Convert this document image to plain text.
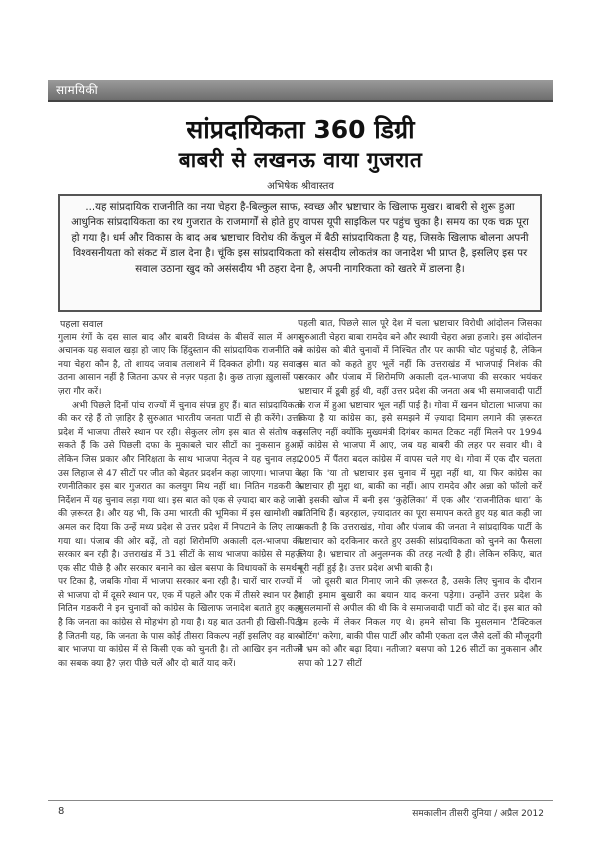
सामयिकी
सांप्रदायिकता 360 डिग्री
बाबरी से लखनऊ वाया गुजरात
अभिषेक श्रीवास्तव

...यह सांप्रदायिक राजनीति का नया चेहरा है-बिल्कुल साफ, स्वच्छ और भ्रष्टाचार के खिलाफ मुखर। बाबरी से शुरू हुआ आधुनिक सांप्रदायिकता का रथ गुजरात के राजमार्गों से होते हुए वापस यूपी साइकिल पर पहुंच चुका है। समय का एक चक्र पूरा हो गया है। धर्म और विकास के बाद अब भ्रष्टाचार विरोध की केंचुल में बैठी सांप्रदायिकता है यह, जिसके खिलाफ बोलना अपनी विश्वसनीयता को संकट में डाल देना है। चूंकि इस सांप्रदायिकता को संसदीय लोकतंत्र का जनादेश भी प्राप्त है, इसलिए इस पर सवाल उठाना खुद को असंसदीय भी ठहरा देना है, अपनी नागरिकता को खतरे में डालना है।

पहला सवाल

गुलाम रंगों के दस साल बाद और बाबरी विध्वंस के बीसवें साल में अगर अचानक यह सवाल खड़ा हो जाए कि हिंदुस्तान की सांप्रदायिक राजनीति का नया चेहरा कौन है, तो शायद जवाब तलाशने में दिक्कत होगी। यह सवाल उतना आसान नहीं है जितना ऊपर से नज़र पड़ता है। कुछ ताज़ा ख़ुलासों पर ज़रा गौर करें।

अभी पिछले दिनों पांच राज्यों में चुनाव संपन्न हुए हैं। बात सांप्रदायिकता की कर रहे हैं तो ज़ाहिर है सुरुआत भारतीय जनता पार्टी से ही करेंगे। उत्तर प्रदेश में भाजपा तीसरे स्थान पर रही। सेकुलर लोग इस बात से संतोष कर सकते हैं कि उसे पिछली दफा के मुकाबले चार सीटों का नुकसान हुआ, लेकिन जिस प्रकार और निरिक्षता के साथ भाजपा नेतृत्व ने यह चुनाव लड़ा, उस लिहाज से 47 सीटों पर जीत को बेहतर प्रदर्शन कहा जाएगा। भाजपा के रणनीतिकार इस बार गुजरात का कलयुग मिथ नहीं था। नितिन गडकरी के निर्देशन में यह चुनाव लड़ा गया था। इस बात को एक से ज़्यादा बार कहे जाने की ज़रूरत है। और यह भी, कि उमा भारती की भूमिका में इस खामोशी का अमल कर दिया कि उन्हें मध्य प्रदेश से उत्तर प्रदेश में निपटाने के लिए लाया गया था। पंजाब की ओर बढ़ें, तो वहां शिरोमणि अकाली दल-भाजपा की सरकार बन रही है। उत्तराखंड में 31 सीटों के साथ भाजपा कांग्रेस से महज़ एक सीट पीछे है और सरकार बनाने का खेल बसपा के विधायकों के समर्थन पर टिका है, जबकि गोवा में भाजपा सरकार बना रही है। चारों चार राज्यों में से भाजपा दो में दूसरे स्थान पर, एक में पहले और एक में तीसरे स्थान पर है। नितिन गडकरी ने इन चुनावों को कांग्रेस के खिलाफ जनादेश बताते हुए कहा है कि जनता का कांग्रेस से मोहभंग हो गया है। यह बात उतनी ही खिसी-पिटी है जितनी यह, कि जनता के पास कोई तीसरा विकल्प नहीं इसलिए वह बार-बार भाजपा या कांग्रेस में से किसी एक को चुनती है। तो आखिर इन नतीजों का सबक क्या है? ज़रा पीछे चलें और दो बातें याद करें।

पहली बात, पिछले साल पूरे देश में चला भ्रष्टाचार विरोधी आंदोलन जिसका सुरुआती चेहरा बाबा रामदेव बने और स्थायी चेहरा अन्ना हजारे। इस आंदोलन ने कांग्रेस को बीते चुनावों में निश्चित तौर पर काफी चोट पहुंचाई है, लेकिन इस बात को कहते हुए भूलें नहीं कि उत्तराखंड में भाजपाई निशंक की सरकार और पंजाब में शिरोमणि अकाली दल-भाजपा की सरकार भयंकर भ्रष्टाचार में डूबी हुई थी, वहीं उत्तर प्रदेश की जनता अब भी समाजवादी पार्टी के राज में हुआ भ्रष्टाचार भूल नहीं पाई है। गोवा में खनन घोटाला भाजपा का किया है या कांग्रेस का, इसे समझने में ज़्यादा दिमाग लगाने की ज़रूरत इसलिए नहीं क्योंकि मुख्यमंत्री दिगंबर कामत टिकट नहीं मिलने पर 1994 में कांग्रेस से भाजपा में आए, जब यह बाबरी की लहर पर सवार थी। वे 2005 में पैंतरा बदल कांग्रेस में वापस चले गए थे। गोवा में एक दौर चलता रहा कि 'या तो भ्रष्टाचार इस चुनाव में मुद्दा नहीं था, या फिर कांग्रेस का भ्रष्टाचार ही मुद्दा था, बाकी का नहीं। आप रामदेव और अन्ना को फॉलो करें तो इसकी खोज में बनी इस ‘कुहेलिका’ में एक और ‘राजनीतिक धारा’ के प्रतिनिधि हैं। बहरहाल, ज़्यादातर का पूरा समापन करते हुए यह बात कही जा सकती है कि उत्तराखंड, गोवा और पंजाब की जनता ने सांप्रदायिक पार्टी के भ्रष्टाचार को दरकिनार करते हुए उसकी सांप्रदायिकता को चुनने का फैसला लिया है। भ्रष्टाचार तो अनुलग्नक की तरह नत्थी है ही। लेकिन रुकिए, बात पूरी नहीं हुई है। उत्तर प्रदेश अभी बाकी है।

जो दूसरी बात गिनाए जाने की ज़रूरत है, उसके लिए चुनाव के दौरान शाही इमाम बुखारी का बयान याद करना पड़ेगा। उन्होंने उत्तर प्रदेश के मुसलमानों से अपील की थी कि वे समाजवादी पार्टी को वोट दें। इस बात को हम हल्के में लेकर निकल गए थे। हमने सोचा कि मुसलमान 'टैक्टिकल वोटिंग' करेगा, बाकी पीस पार्टी और कौमी एकता दल जैसे दलों की मौजूदगी ने भ्रम को और बढ़ा दिया। नतीजा? बसपा को 126 सीटों का नुकसान और सपा को 127 सीटों

8	समकालीन तीसरी दुनिया / अप्रैल 2012
